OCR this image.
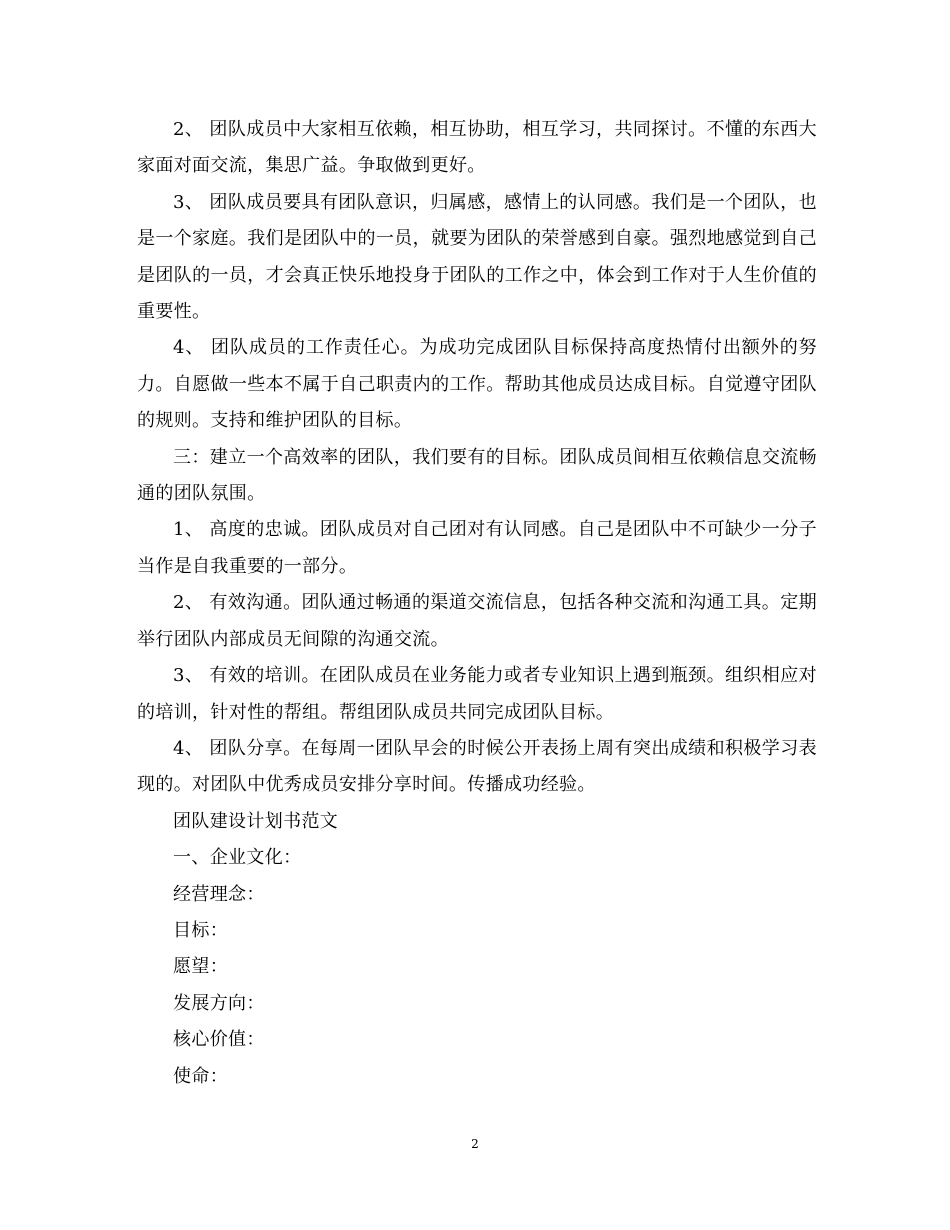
2、 团队成员中大家相互依赖，相互协助，相互学习，共同探讨。不懂的东西大家面对面交流，集思广益。争取做到更好。

3、 团队成员要具有团队意识，归属感，感情上的认同感。我们是一个团队，也是一个家庭。我们是团队中的一员，就要为团队的荣誉感到自豪。强烈地感觉到自己是团队的一员，才会真正快乐地投身于团队的工作之中，体会到工作对于人生价值的重要性。

4、 团队成员的工作责任心。为成功完成团队目标保持高度热情付出额外的努力。自愿做一些本不属于自己职责内的工作。帮助其他成员达成目标。自觉遵守团队的规则。支持和维护团队的目标。

三：建立一个高效率的团队，我们要有的目标。团队成员间相互依赖信息交流畅通的团队氛围。

1、 高度的忠诚。团队成员对自己团对有认同感。自己是团队中不可缺少一分子当作是自我重要的一部分。

2、 有效沟通。团队通过畅通的渠道交流信息，包括各种交流和沟通工具。定期举行团队内部成员无间隙的沟通交流。

3、 有效的培训。在团队成员在业务能力或者专业知识上遇到瓶颈。组织相应对的培训，针对性的帮组。帮组团队成员共同完成团队目标。

4、 团队分享。在每周一团队早会的时候公开表扬上周有突出成绩和积极学习表现的。对团队中优秀成员安排分享时间。传播成功经验。

团队建设计划书范文

一、企业文化：

经营理念：

目标：

愿望：

发展方向：

核心价值：

使命：

2
